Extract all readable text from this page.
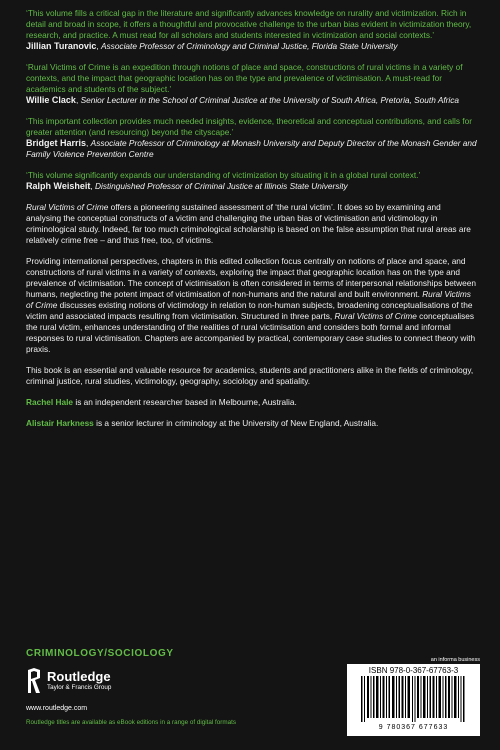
‘This volume fills a critical gap in the literature and significantly advances knowledge on rurality and victimization. Rich in detail and broad in scope, it offers a thoughtful and provocative challenge to the urban bias evident in victimization theory, research, and practice. A must read for all scholars and students interested in victimization and social contexts.’

Jillian Turanovic, Associate Professor of Criminology and Criminal Justice, Florida State University

‘Rural Victims of Crime is an expedition through notions of place and space, constructions of rural victims in a variety of contexts, and the impact that geographic location has on the type and prevalence of victimisation. A must-read for academics and students of the subject.’

Willie Clack, Senior Lecturer in the School of Criminal Justice at the University of South Africa, Pretoria, South Africa

‘This important collection provides much needed insights, evidence, theoretical and conceptual contributions, and calls for greater attention (and resourcing) beyond the cityscape.’

Bridget Harris, Associate Professor of Criminology at Monash University and Deputy Director of the Monash Gender and Family Violence Prevention Centre

‘This volume significantly expands our understanding of victimization by situating it in a global rural context.’

Ralph Weisheit, Distinguished Professor of Criminal Justice at Illinois State University

Rural Victims of Crime offers a pioneering sustained assessment of ‘the rural victim’. It does so by examining and analysing the conceptual constructs of a victim and challenging the urban bias of victimisation and victimology in criminological study. Indeed, far too much criminological scholarship is based on the false assumption that rural areas are relatively crime free – and thus free, too, of victims.

Providing international perspectives, chapters in this edited collection focus centrally on notions of place and space, and constructions of rural victims in a variety of contexts, exploring the impact that geographic location has on the type and prevalence of victimisation. The concept of victimisation is often considered in terms of interpersonal relationships between humans, neglecting the potent impact of victimisation of non-humans and the natural and built environment. Rural Victims of Crime discusses existing notions of victimology in relation to non-human subjects, broadening conceptualisations of the victim and associated impacts resulting from victimisation. Structured in three parts, Rural Victims of Crime conceptualises the rural victim, enhances understanding of the realities of rural victimisation and considers both formal and informal responses to rural victimisation. Chapters are accompanied by practical, contemporary case studies to connect theory with praxis.

This book is an essential and valuable resource for academics, students and practitioners alike in the fields of criminology, criminal justice, rural studies, victimology, geography, sociology and spatiality.

Rachel Hale is an independent researcher based in Melbourne, Australia.

Alistair Harkness is a senior lecturer in criminology at the University of New England, Australia.

CRIMINOLOGY/SOCIOLOGY
Routledge
Taylor & Francis Group
www.routledge.com
Routledge titles are available as eBook editions in a range of digital formats
an informa business
ISBN 978-0-367-67763-3
9 780367 677633
